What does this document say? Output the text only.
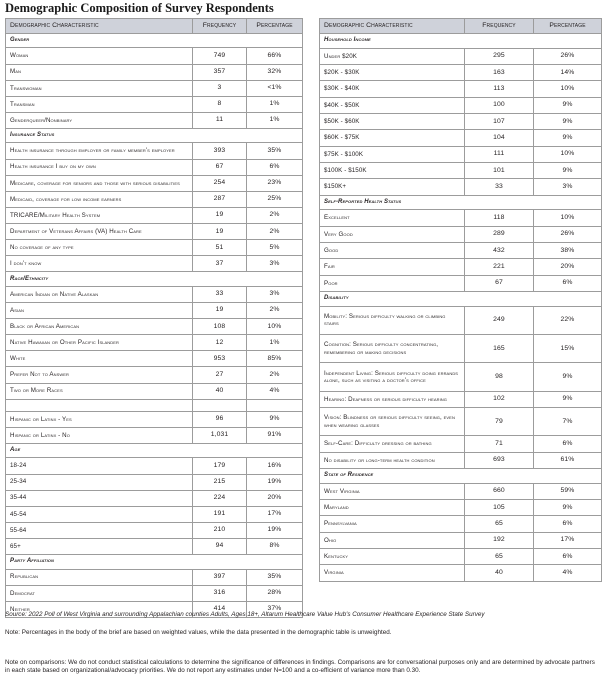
Demographic Composition of Survey Respondents
Demographic Characteristic	Frequency	Percentage
Gender		
Woman	749	66%
Man	357	32%
Transwoman	3	<1%
Transman	8	1%
Genderqueer/Nonbinary	11	1%
Insurance Status		
Health insurance through employer or family member's employer	393	35%
Health insurance I buy on my own	67	6%
Medicare, coverage for seniors and those with serious disabilities	254	23%
Medicaid, coverage for low income earners	287	25%
TRICARE/Military Health System	19	2%
Department of Veterans Affairs (VA) Health Care	19	2%
No coverage of any type	51	5%
I don't know	37	3%
Race/Ethnicity		
American Indian or Native Alaskan	33	3%
Asian	19	2%
Black or African American	108	10%
Native Hawaiian or Other Pacific Islander	12	1%
White	953	85%
Prefer Not to Answer	27	2%
Two or More Races	40	4%

Hispanic or Latinx - Yes	96	9%
Hispanic or Latinx - No	1,031	91%
Age		
18-24	179	16%
25-34	215	19%
35-44	224	20%
45-54	191	17%
55-64	210	19%
65+	94	8%
Party Affiliation		
Republican	397	35%
Democrat	316	28%
Neither	414	37%
Demographic Characteristic	Frequency	Percentage
Household Income		
Under $20K	295	26%
$20K - $30K	163	14%
$30K - $40K	113	10%
$40K - $50K	100	9%
$50K - $60K	107	9%
$60K - $75K	104	9%
$75K - $100K	111	10%
$100K - $150K	101	9%
$150K+	33	3%
Self-Reported Health Status		
Excellent	118	10%
Very Good	289	26%
Good	432	38%
Fair	221	20%
Poor	67	6%
Disability		
Mobility: Serious difficulty walking or climbing stairs	249	22%
Cognition: Serious difficulty concentrating, remembering or making decisions	165	15%
Independent Living: Serious difficulty doing errands alone, such as visiting a doctor's office	98	9%
Hearing: Deafness or serious difficulty hearing	102	9%
Vision: Blindness or serious difficulty seeing, even when wearing glasses	79	7%
Self-Care: Difficulty dressing or bathing	71	6%
No disability or long-term health condition	693	61%
State of Residence		
West Virginia	660	59%
Maryland	105	9%
Pennsylvania	65	6%
Ohio	192	17%
Kentucky	65	6%
Virginia	40	4%
Source: 2022 Poll of West Virginia and surrounding Appalachian counties Adults, Ages 18+, Altarum Healthcare Value Hub's Consumer Healthcare Experience State Survey
Note: Percentages in the body of the brief are based on weighted values, while the data presented in the demographic table is unweighted.
Note on comparisons: We do not conduct statistical calculations to determine the significance of differences in findings. Comparisons are for conversational purposes only and are determined by advocate partners in each state based on organizational/advocacy priorities. We do not report any estimates under N=100 and a co-efficient of variance more than 0.30.
